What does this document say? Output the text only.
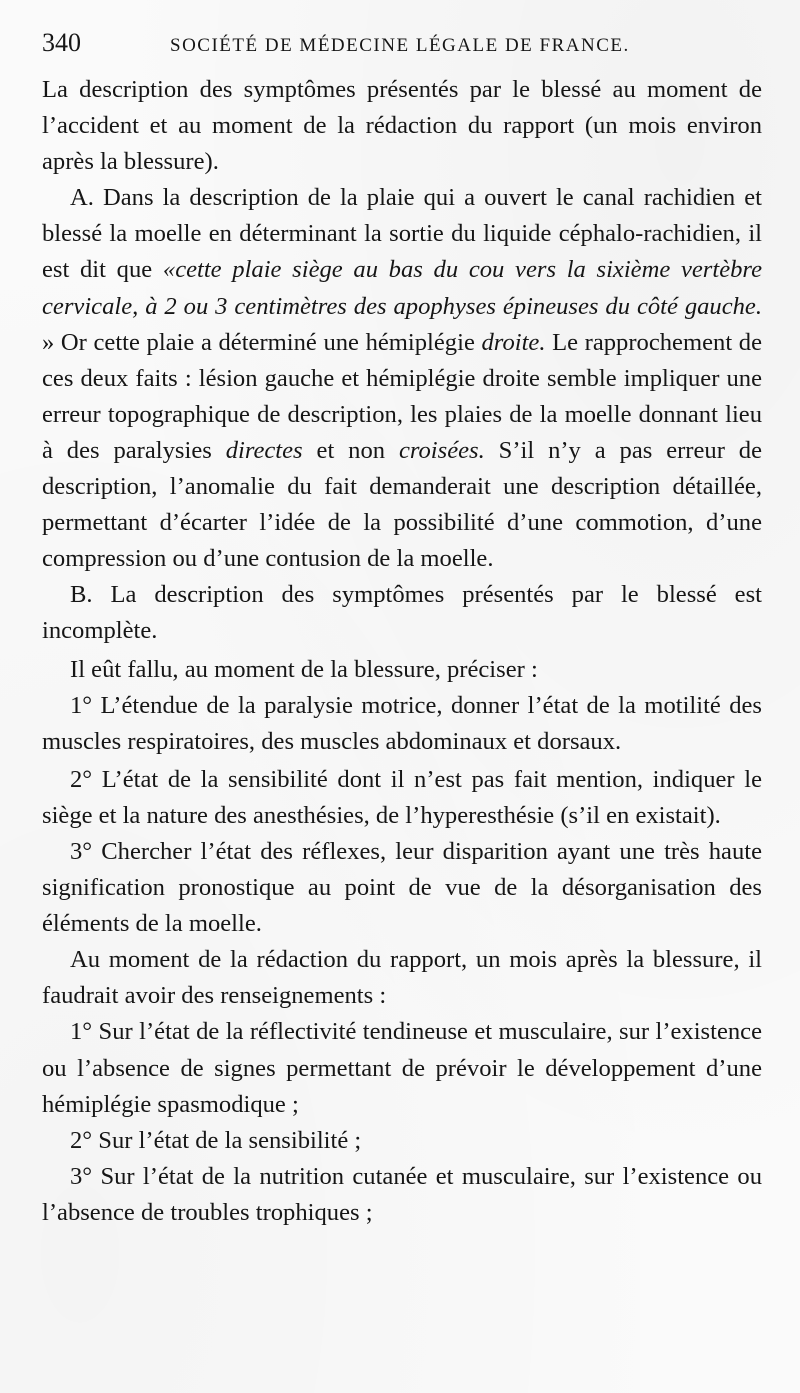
340	SOCIÉTÉ DE MÉDECINE LÉGALE DE FRANCE.

La description des symptômes présentés par le blessé au moment de l’accident et au moment de la rédaction du rapport (un mois environ après la blessure).

A. Dans la description de la plaie qui a ouvert le canal rachidien et blessé la moelle en déterminant la sortie du liquide céphalo-rachidien, il est dit que «cette plaie siège au bas du cou vers la sixième vertèbre cervicale, à 2 ou 3 centimètres des apophyses épineuses du côté gauche. » Or cette plaie a déterminé une hémiplégie droite. Le rapprochement de ces deux faits : lésion gauche et hémiplégie droite semble impliquer une erreur topographique de description, les plaies de la moelle donnant lieu à des paralysies directes et non croisées. S’il n’y a pas erreur de description, l’anomalie du fait demanderait une description détaillée, permettant d’écarter l’idée de la possibilité d’une commotion, d’une compression ou d’une contusion de la moelle.

B. La description des symptômes présentés par le blessé est incomplète.

Il eût fallu, au moment de la blessure, préciser :

1° L’étendue de la paralysie motrice, donner l’état de la motilité des muscles respiratoires, des muscles abdominaux et dorsaux.

2° L’état de la sensibilité dont il n’est pas fait mention, indiquer le siège et la nature des anesthésies, de l’hyperesthésie (s’il en existait).

3° Chercher l’état des réflexes, leur disparition ayant une très haute signification pronostique au point de vue de la désorganisation des éléments de la moelle.

Au moment de la rédaction du rapport, un mois après la blessure, il faudrait avoir des renseignements :

1° Sur l’état de la réflectivité tendineuse et musculaire, sur l’existence ou l’absence de signes permettant de prévoir le développement d’une hémiplégie spasmodique ;

2° Sur l’état de la sensibilité ;

3° Sur l’état de la nutrition cutanée et musculaire, sur l’existence ou l’absence de troubles trophiques ;
